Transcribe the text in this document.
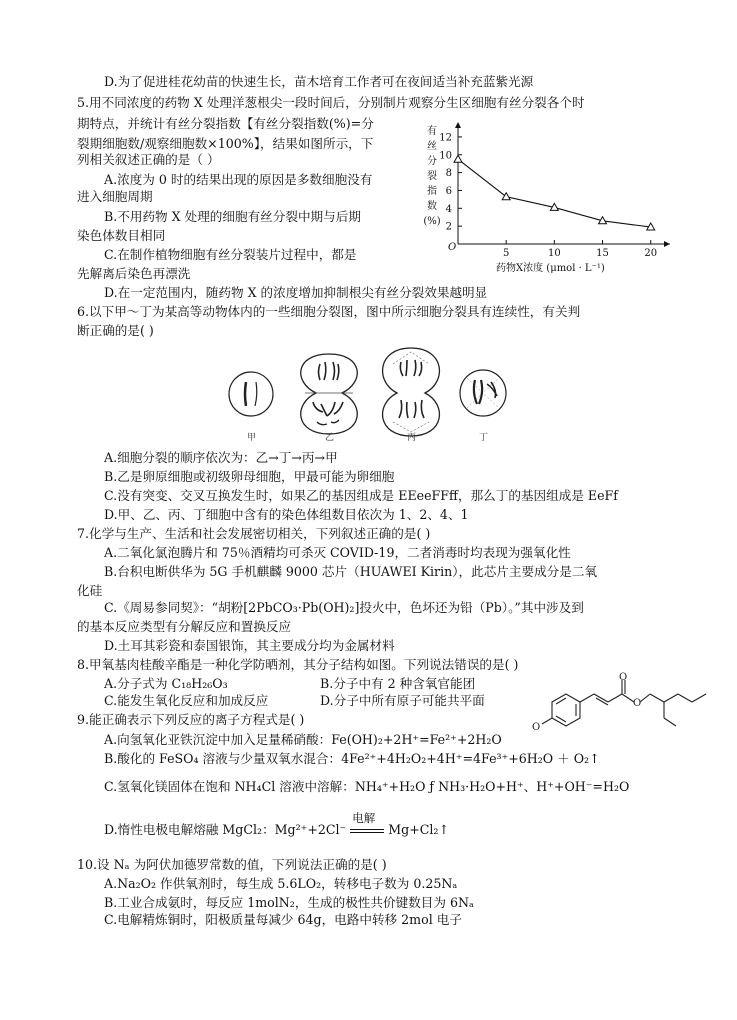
D.为了促进桂花幼苗的快速生长，苗木培育工作者可在夜间适当补充蓝紫光源
5.用不同浓度的药物 X 处理洋葱根尖一段时间后，分别制片观察分生区细胞有丝分裂各个时
期特点，并统计有丝分裂指数【有丝分裂指数(%)=分
裂期细胞数/观察细胞数×100%】，结果如图所示，下
列相关叙述正确的是（ ）
A.浓度为 0 时的结果出现的原因是多数细胞没有
进入细胞周期
B.不用药物 X 处理的细胞有丝分裂中期与后期
染色体数目相同
C.在制作植物细胞有丝分裂装片过程中，都是
先解离后染色再漂洗
D.在一定范围内，随药物 X 的浓度增加抑制根尖有丝分裂效果越明显
6.以下甲～丁为某高等动物体内的一些细胞分裂图，图中所示细胞分裂具有连续性，有关判
断正确的是( )
A.细胞分裂的顺序依次为：乙→丁→丙→甲
B.乙是卵原细胞或初级卵母细胞，甲最可能为卵细胞
C.没有突变、交叉互换发生时，如果乙的基因组成是 EEeeFFff，那么丁的基因组成是 EeFf
D.甲、乙、丙、丁细胞中含有的染色体组数目依次为 1、2、4、1
7.化学与生产、生活和社会发展密切相关，下列叙述正确的是( )
A.二氧化氯泡腾片和 75％酒精均可杀灭 COVID-19，二者消毒时均表现为强氧化性
B.台积电断供华为 5G 手机麒麟 9000 芯片（HUAWEI Kirin），此芯片主要成分是二氧
化硅
C.《周易参同契》：“胡粉[2PbCO₃·Pb(OH)₂]投火中，色坏还为铅（Pb）。”其中涉及到
的基本反应类型有分解反应和置换反应
D.土耳其彩瓷和泰国银饰，其主要成分均为金属材料
8.甲氧基肉桂酸辛酯是一种化学防晒剂，其分子结构如图。下列说法错误的是( )
A.分子式为 C₁₈H₂₆O₃	B.分子中有 2 种含氧官能团
C.能发生氧化反应和加成反应	D.分子中所有原子可能共平面
9.能正确表示下列反应的离子方程式是( )
A.向氢氧化亚铁沉淀中加入足量稀硝酸：Fe(OH)₂+2H⁺=Fe²⁺+2H₂O
B.酸化的 FeSO₄ 溶液与少量双氧水混合：4Fe²⁺+4H₂O₂+4H⁺=4Fe³⁺+6H₂O ＋ O₂↑
C.氢氧化镁固体在饱和 NH₄Cl 溶液中溶解：NH₄⁺+H₂O ƒ NH₃·H₂O+H⁺、H⁺+OH⁻=H₂O
D.惰性电极电解熔融 MgCl₂：Mg²⁺+2Cl⁻
电解
Mg+Cl₂↑
10.设 Nₐ 为阿伏加德罗常数的值，下列说法正确的是( )
A.Na₂O₂ 作供氧剂时，每生成 5.6LO₂，转移电子数为 0.25Nₐ
B.工业合成氨时，每反应 1molN₂，生成的极性共价键数目为 6Nₐ
C.电解精炼铜时，阳极质量每减少 64g，电路中转移 2mol 电子
有
丝
分
裂
指
数
(%)
2
4
6
8
10
12
5	10	15	20
药物X浓度 (μmol · L⁻¹)
O
甲	乙	丙	丁
O
O
O
